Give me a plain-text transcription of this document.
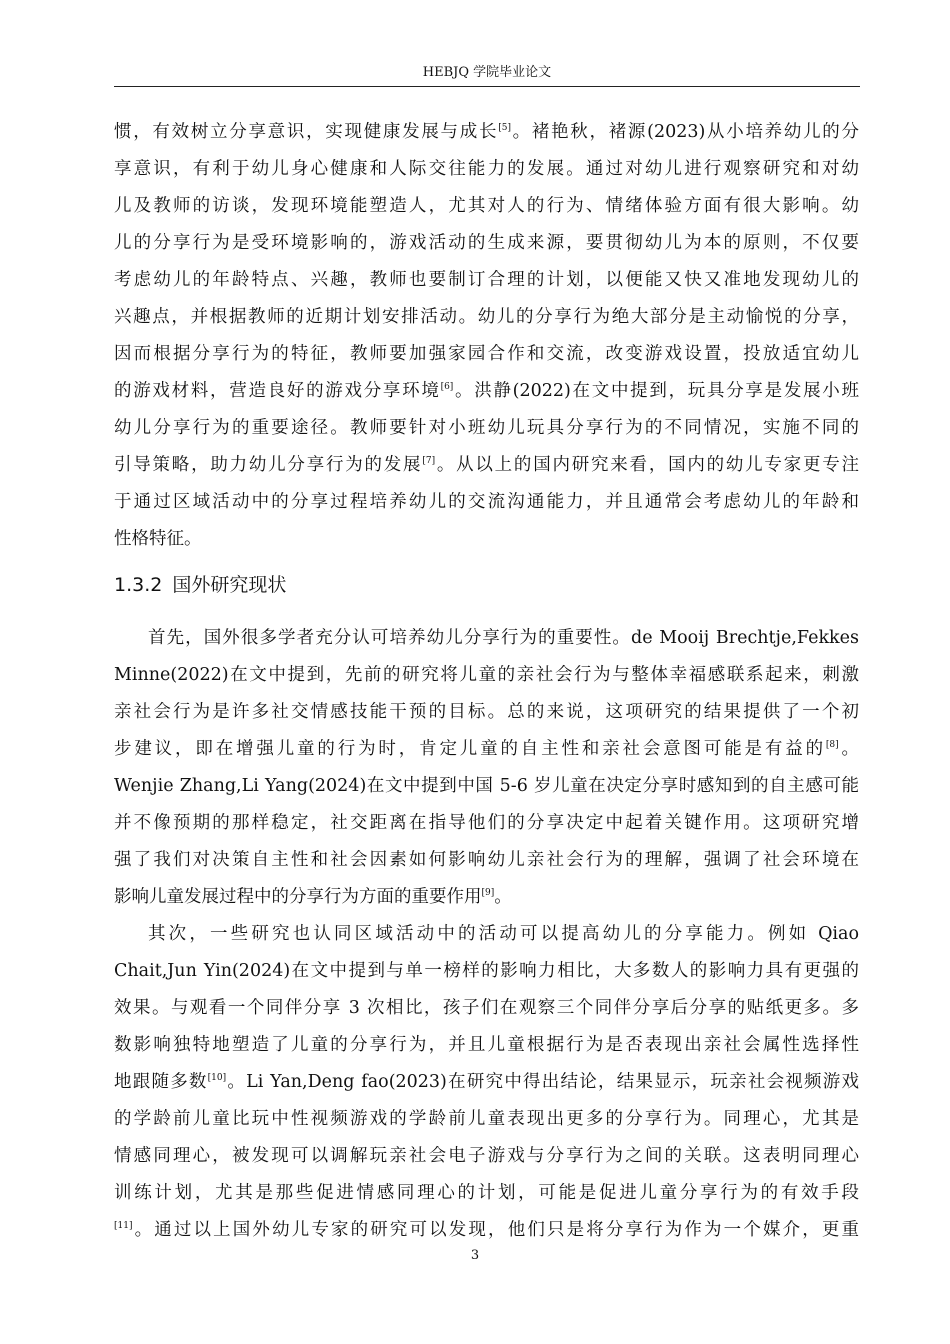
HEBJQ 学院毕业论文
惯，有效树立分享意识，实现健康发展与成长[5]。褚艳秋，褚源(2023)从小培养幼儿的分
享意识，有利于幼儿身心健康和人际交往能力的发展。通过对幼儿进行观察研究和对幼
儿及教师的访谈，发现环境能塑造人，尤其对人的行为、情绪体验方面有很大影响。幼
儿的分享行为是受环境影响的，游戏活动的生成来源，要贯彻幼儿为本的原则，不仅要
考虑幼儿的年龄特点、兴趣，教师也要制订合理的计划，以便能又快又准地发现幼儿的
兴趣点，并根据教师的近期计划安排活动。幼儿的分享行为绝大部分是主动愉悦的分享，
因而根据分享行为的特征，教师要加强家园合作和交流，改变游戏设置，投放适宜幼儿
的游戏材料，营造良好的游戏分享环境[6]。洪静(2022)在文中提到，玩具分享是发展小班
幼儿分享行为的重要途径。教师要针对小班幼儿玩具分享行为的不同情况，实施不同的
引导策略，助力幼儿分享行为的发展[7]。从以上的国内研究来看，国内的幼儿专家更专注
于通过区域活动中的分享过程培养幼儿的交流沟通能力，并且通常会考虑幼儿的年龄和
性格特征。
1.3.2 国外研究现状
首先，国外很多学者充分认可培养幼儿分享行为的重要性。de Mooij Brechtje,Fekkes
Minne(2022)在文中提到，先前的研究将儿童的亲社会行为与整体幸福感联系起来，刺激
亲社会行为是许多社交情感技能干预的目标。总的来说，这项研究的结果提供了一个初
步建议，即在增强儿童的行为时，肯定儿童的自主性和亲社会意图可能是有益的[8]。
Wenjie Zhang,Li Yang(2024)在文中提到中国 5-6 岁儿童在决定分享时感知到的自主感可能
并不像预期的那样稳定，社交距离在指导他们的分享决定中起着关键作用。这项研究增
强了我们对决策自主性和社会因素如何影响幼儿亲社会行为的理解，强调了社会环境在
影响儿童发展过程中的分享行为方面的重要作用[9]。
其次，一些研究也认同区域活动中的活动可以提高幼儿的分享能力。例如 Qiao
Chait,Jun Yin(2024)在文中提到与单一榜样的影响力相比，大多数人的影响力具有更强的
效果。与观看一个同伴分享 3 次相比，孩子们在观察三个同伴分享后分享的贴纸更多。多
数影响独特地塑造了儿童的分享行为，并且儿童根据行为是否表现出亲社会属性选择性
地跟随多数[10]。Li Yan,Deng fao(2023)在研究中得出结论，结果显示，玩亲社会视频游戏
的学龄前儿童比玩中性视频游戏的学龄前儿童表现出更多的分享行为。同理心，尤其是
情感同理心，被发现可以调解玩亲社会电子游戏与分享行为之间的关联。这表明同理心
训练计划，尤其是那些促进情感同理心的计划，可能是促进儿童分享行为的有效手段
[11]。通过以上国外幼儿专家的研究可以发现，他们只是将分享行为作为一个媒介，更重
3
